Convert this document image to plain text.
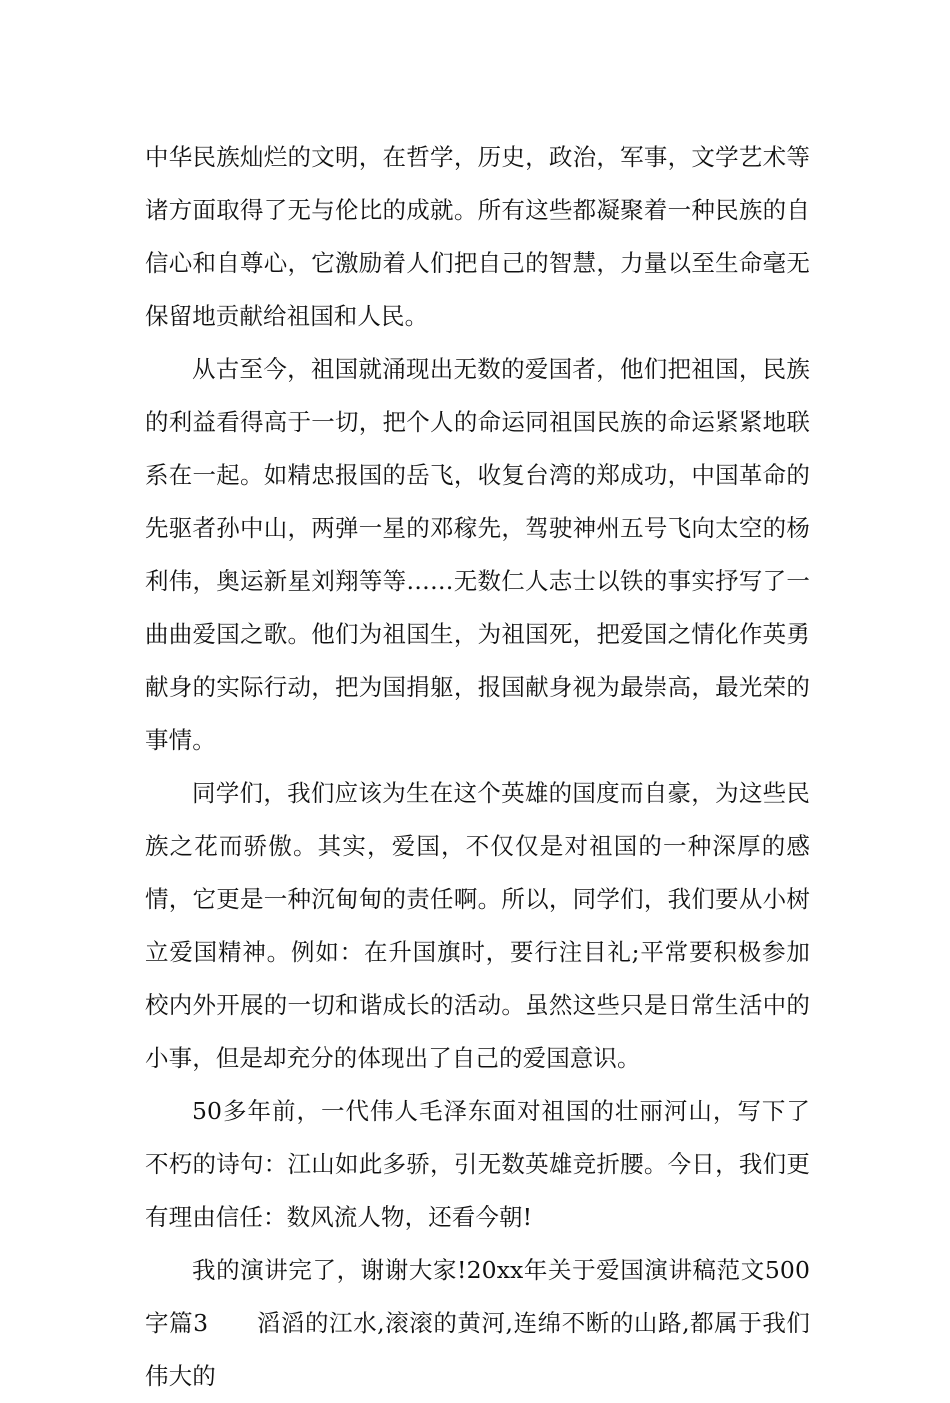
中华民族灿烂的文明，在哲学，历史，政治，军事，文学艺术等诸方面取得了无与伦比的成就。所有这些都凝聚着一种民族的自信心和自尊心，它激励着人们把自己的智慧，力量以至生命毫无保留地贡献给祖国和人民。

从古至今，祖国就涌现出无数的爱国者，他们把祖国，民族的利益看得高于一切，把个人的命运同祖国民族的命运紧紧地联系在一起。如精忠报国的岳飞，收复台湾的郑成功，中国革命的先驱者孙中山，两弹一星的邓稼先，驾驶神州五号飞向太空的杨利伟，奥运新星刘翔等等……无数仁人志士以铁的事实抒写了一曲曲爱国之歌。他们为祖国生，为祖国死，把爱国之情化作英勇献身的实际行动，把为国捐躯，报国献身视为最崇高，最光荣的事情。

同学们，我们应该为生在这个英雄的国度而自豪，为这些民族之花而骄傲。其实，爱国，不仅仅是对祖国的一种深厚的感情，它更是一种沉甸甸的责任啊。所以，同学们，我们要从小树立爱国精神。例如：在升国旗时，要行注目礼;平常要积极参加校内外开展的一切和谐成长的活动。虽然这些只是日常生活中的小事，但是却充分的体现出了自己的爱国意识。

50多年前，一代伟人毛泽东面对祖国的壮丽河山，写下了不朽的诗句：江山如此多骄，引无数英雄竞折腰。今日，我们更有理由信任：数风流人物，还看今朝!

我的演讲完了，谢谢大家!20xx年关于爱国演讲稿范文500字篇3　　滔滔的江水,滚滚的黄河,连绵不断的山路,都属于我们伟大的
